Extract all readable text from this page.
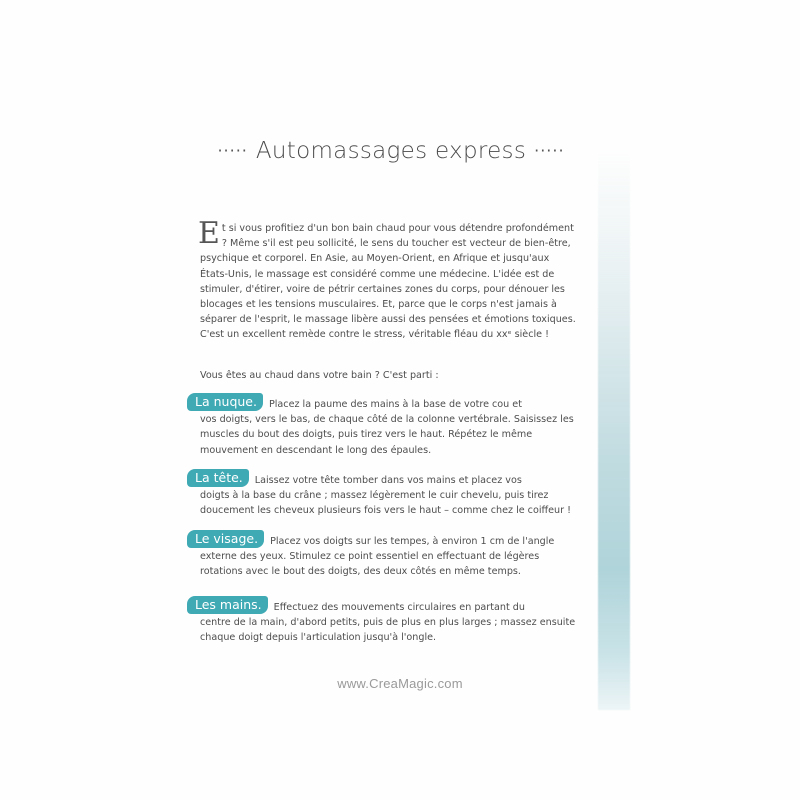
····· Automassages express ·····
Et si vous profitiez d'un bon bain chaud pour vous détendre profondément ? Même s'il est peu sollicité, le sens du toucher est vecteur de bien-être, psychique et corporel. En Asie, au Moyen-Orient, en Afrique et jusqu'aux États-Unis, le massage est considéré comme une médecine. L'idée est de stimuler, d'étirer, voire de pétrir certaines zones du corps, pour dénouer les blocages et les tensions musculaires. Et, parce que le corps n'est jamais à séparer de l'esprit, le massage libère aussi des pensées et émotions toxiques. C'est un excellent remède contre le stress, véritable fléau du xxᵉ siècle !
Vous êtes au chaud dans votre bain ? C'est parti :
La nuque. Placez la paume des mains à la base de votre cou et
vos doigts, vers le bas, de chaque côté de la colonne vertébrale. Saisissez les muscles du bout des doigts, puis tirez vers le haut. Répétez le même mouvement en descendant le long des épaules.
La tête. Laissez votre tête tomber dans vos mains et placez vos
doigts à la base du crâne ; massez légèrement le cuir chevelu, puis tirez doucement les cheveux plusieurs fois vers le haut – comme chez le coiffeur !
Le visage. Placez vos doigts sur les tempes, à environ 1 cm de l'angle
externe des yeux. Stimulez ce point essentiel en effectuant de légères rotations avec le bout des doigts, des deux côtés en même temps.
Les mains. Effectuez des mouvements circulaires en partant du
centre de la main, d'abord petits, puis de plus en plus larges ; massez ensuite chaque doigt depuis l'articulation jusqu'à l'ongle.
www.CreaMagic.com
